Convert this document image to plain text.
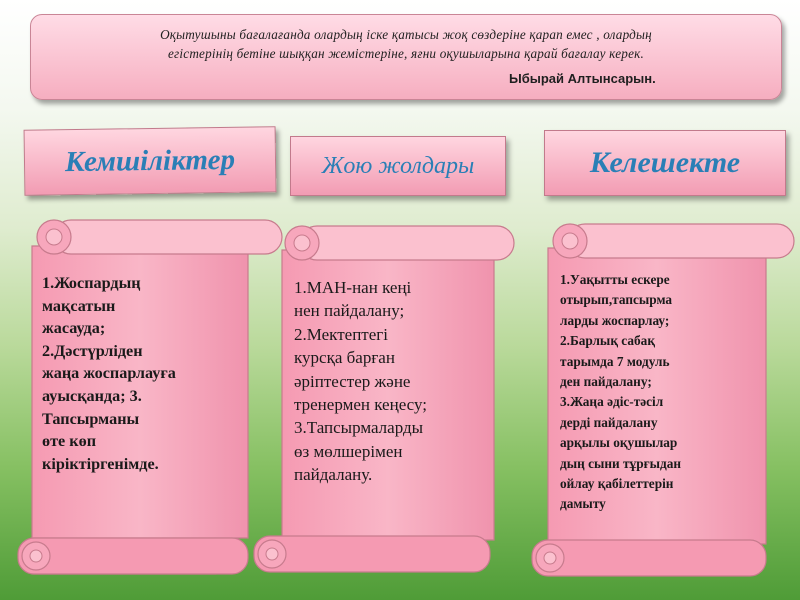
Оқытушыны бағалағанда олардың іске қатысы жоқ сөздеріне қарап емес , олардың
егістерінің бетіне шыққан жемістеріне, яғни оқушыларына қарай бағалау керек.
Ыбырай Алтынсарын.
Кемшіліктер	Жою жолдары	Келешекте
1.Жоспардың
мақсатын
жасауда;
2.Дәстүрліден
жаңа жоспарлауға
ауысқанда; 3.
Тапсырманы
өте көп
кіріктіргенімде.
1.МАН-нан кеңі
нен пайдалану;
2.Мектептегі
курсқа барған
әріптестер және
тренермен кеңесу;
3.Тапсырмаларды
өз мөлшерімен
пайдалану.
1.Уақытты ескере
отырып,тапсырма
ларды жоспарлау;
2.Барлық сабақ
тарымда 7 модуль
ден пайдалану;
3.Жаңа әдіс-тәсіл
дерді пайдалану
арқылы оқушылар
дың сыни тұрғыдан
ойлау қабілеттерін
дамыту
